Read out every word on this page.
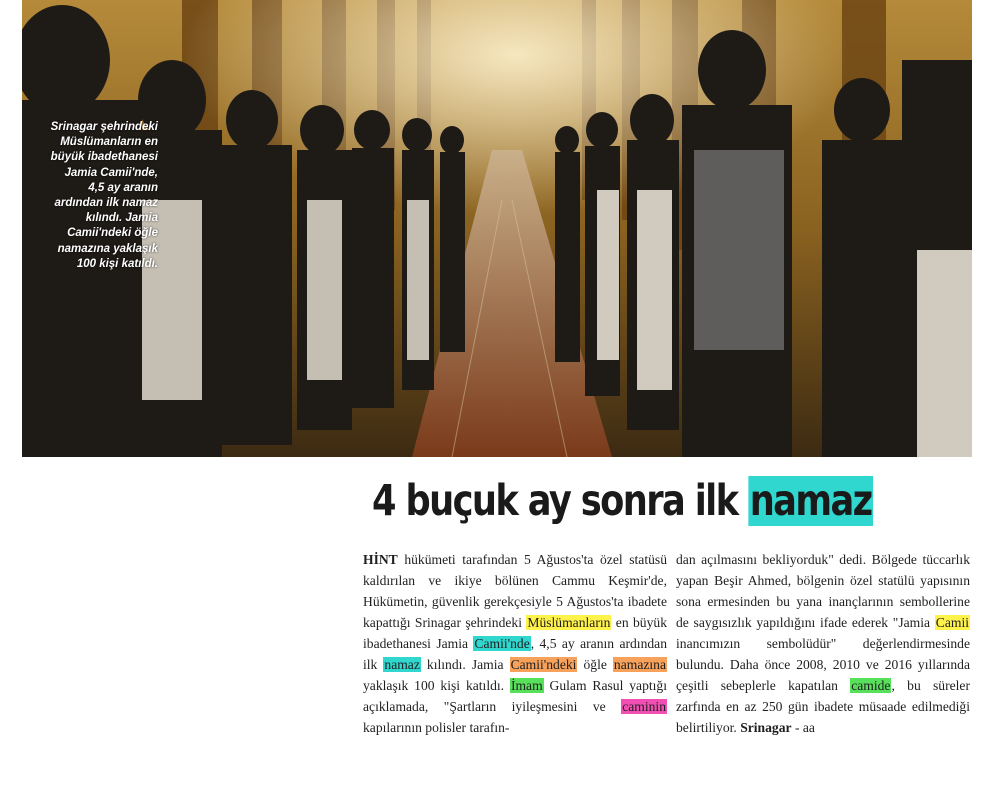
Srinagar şehrindeki Müslümanların en büyük ibadethanesi Jamia Camii'nde, 4,5 ay aranın ardından ilk namaz kılındı. Jamia Camii'ndeki öğle namazına yaklaşık 100 kişi katıldı.
4 buçuk ay sonra ilk namaz

HİNT hükümeti tarafından 5 Ağustos'ta özel statüsü kaldırılan ve ikiye bölünen Cammu Keşmir'de, Hükümetin, güvenlik gerekçesiyle 5 Ağustos'ta ibadete kapattığı Srinagar şehrindeki Müslümanların en büyük ibadethanesi Jamia Camii'nde, 4,5 ay aranın ardından ilk namaz kılındı. Jamia Camii'ndeki öğle namazına yaklaşık 100 kişi katıldı. İmam Gulam Rasul yaptığı açıklamada, "Şartların iyileşmesini ve caminin kapılarının polisler tarafın-

dan açılmasını bekliyorduk" dedi. Bölgede tüccarlık yapan Beşir Ahmed, bölgenin özel statülü yapısının sona ermesinden bu yana inançlarının sembollerine de saygısızlık yapıldığını ifade ederek "Jamia Camii inancımızın sembolüdür" değerlendirmesinde bulundu. Daha önce 2008, 2010 ve 2016 yıllarında çeşitli sebeplerle kapatılan camide, bu süreler zarfında en az 250 gün ibadete müsaade edilmediği belirtiliyor. Srinagar - aa
